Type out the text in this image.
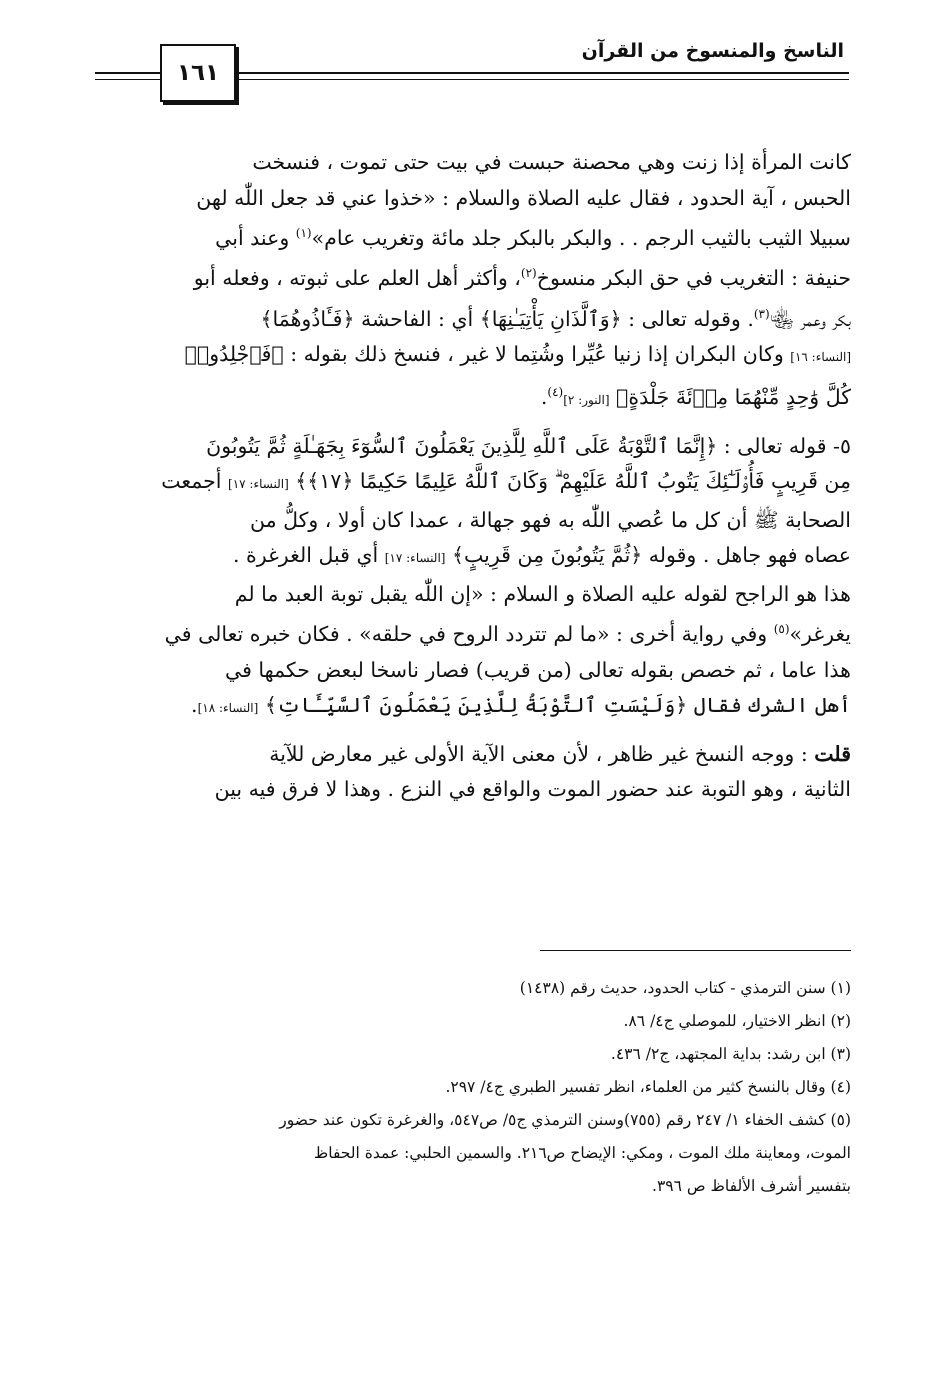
الناسخ والمنسوخ من القرآن
١٦١

كانت المرأة إذا زنت وهي محصنة حبست في بيت حتى تموت ، فنسخت

الحبس ، آية الحدود ، فقال عليه الصلاة والسلام : «خذوا عني قد جعل اللّٰه لهن

سبيلا الثيب بالثيب الرجم . . والبكر بالبكر جلد مائة وتغريب عام»$^{(١)}$ وعند أبي

حنيفة : التغريب في حق البكر منسوخ$^{(٢)}$، وأكثر أهل العلم على ثبوته ، وفعله أبو

بكر وعمر ﵄$^{(٣)}$. وقوله تعالى : ﴿وَٱلَّذَانِ يَأْتِيَـٰنِهَا﴾ أي : الفاحشة ﴿فَـَٔاذُوهُمَا﴾

[النساء: ١٦] وكان البكران إذا زنيا عُيِّرا وشُتِما لا غير ، فنسخ ذلك بقوله : ﴿فَٱجْلِدُوا۟

كُلَّ وَٰحِدٍ مِّنْهُمَا مِا۟ئَةَ جَلْدَةٍ﴾ [النور: ٢]$^{(٤)}$.

٥- قوله تعالى : ﴿إِنَّمَا ٱلتَّوْبَةُ عَلَى ٱللَّهِ لِلَّذِينَ يَعْمَلُونَ ٱلسُّوٓءَ بِجَهَـٰلَةٍ ثُمَّ يَتُوبُونَ

مِن قَرِيبٍ فَأُو۟لَـٰٓئِكَ يَتُوبُ ٱللَّهُ عَلَيْهِمْ ۗ وَكَانَ ٱللَّهُ عَلِيمًا حَكِيمًا ﴿١٧﴾﴾ [النساء: ١٧] أجمعت

الصحابة ﷺ أن كل ما عُصي اللّٰه به فهو جهالة ، عمدا كان أولا ، وكلُّ من

عصاه فهو جاهل . وقوله ﴿ثُمَّ يَتُوبُونَ مِن قَرِيبٍ﴾ [النساء: ١٧] أي قبل الغرغرة .

هذا هو الراجح لقوله عليه الصلاة و السلام : «إن اللّٰه يقبل توبة العبد ما لم

يغرغر»$^{(٥)}$ وفي رواية أخرى : «ما لم تتردد الروح في حلقه» . فكان خبره تعالى في

هذا عاما ، ثم خصص بقوله تعالى (من قريب) فصار ناسخا لبعض حكمها في

أهل الشرك فقال ﴿وَلَيْسَتِ ٱلتَّوْبَةُ لِلَّذِينَ يَعْمَلُونَ ٱلسَّيِّـَٔاتِ﴾ [النساء: ١٨].

قلت : ووجه النسخ غير ظاهر ، لأن معنى الآية الأولى غير معارض للآية

الثانية ، وهو التوبة عند حضور الموت والواقع في النزع . وهذا لا فرق فيه بين

(١) سنن الترمذي - كتاب الحدود، حديث رقم (١٤٣٨)

(٢) انظر الاختيار، للموصلي ج٤/ ٨٦.

(٣) ابن رشد: بداية المجتهد، ج٢/ ٤٣٦.

(٤) وقال بالنسخ كثير من العلماء، انظر تفسير الطبري ج٤/ ٢٩٧.

(٥) كشف الخفاء ١/ ٢٤٧ رقم (٧٥٥)وسنن الترمذي ج٥/ ص٥٤٧، والغرغرة تكون عند حضور

الموت، ومعاينة ملك الموت ، ومكي: الإيضاح ص٢١٦. والسمين الحلبي: عمدة الحفاظ

بتفسير أشرف الألفاظ ص ٣٩٦.
